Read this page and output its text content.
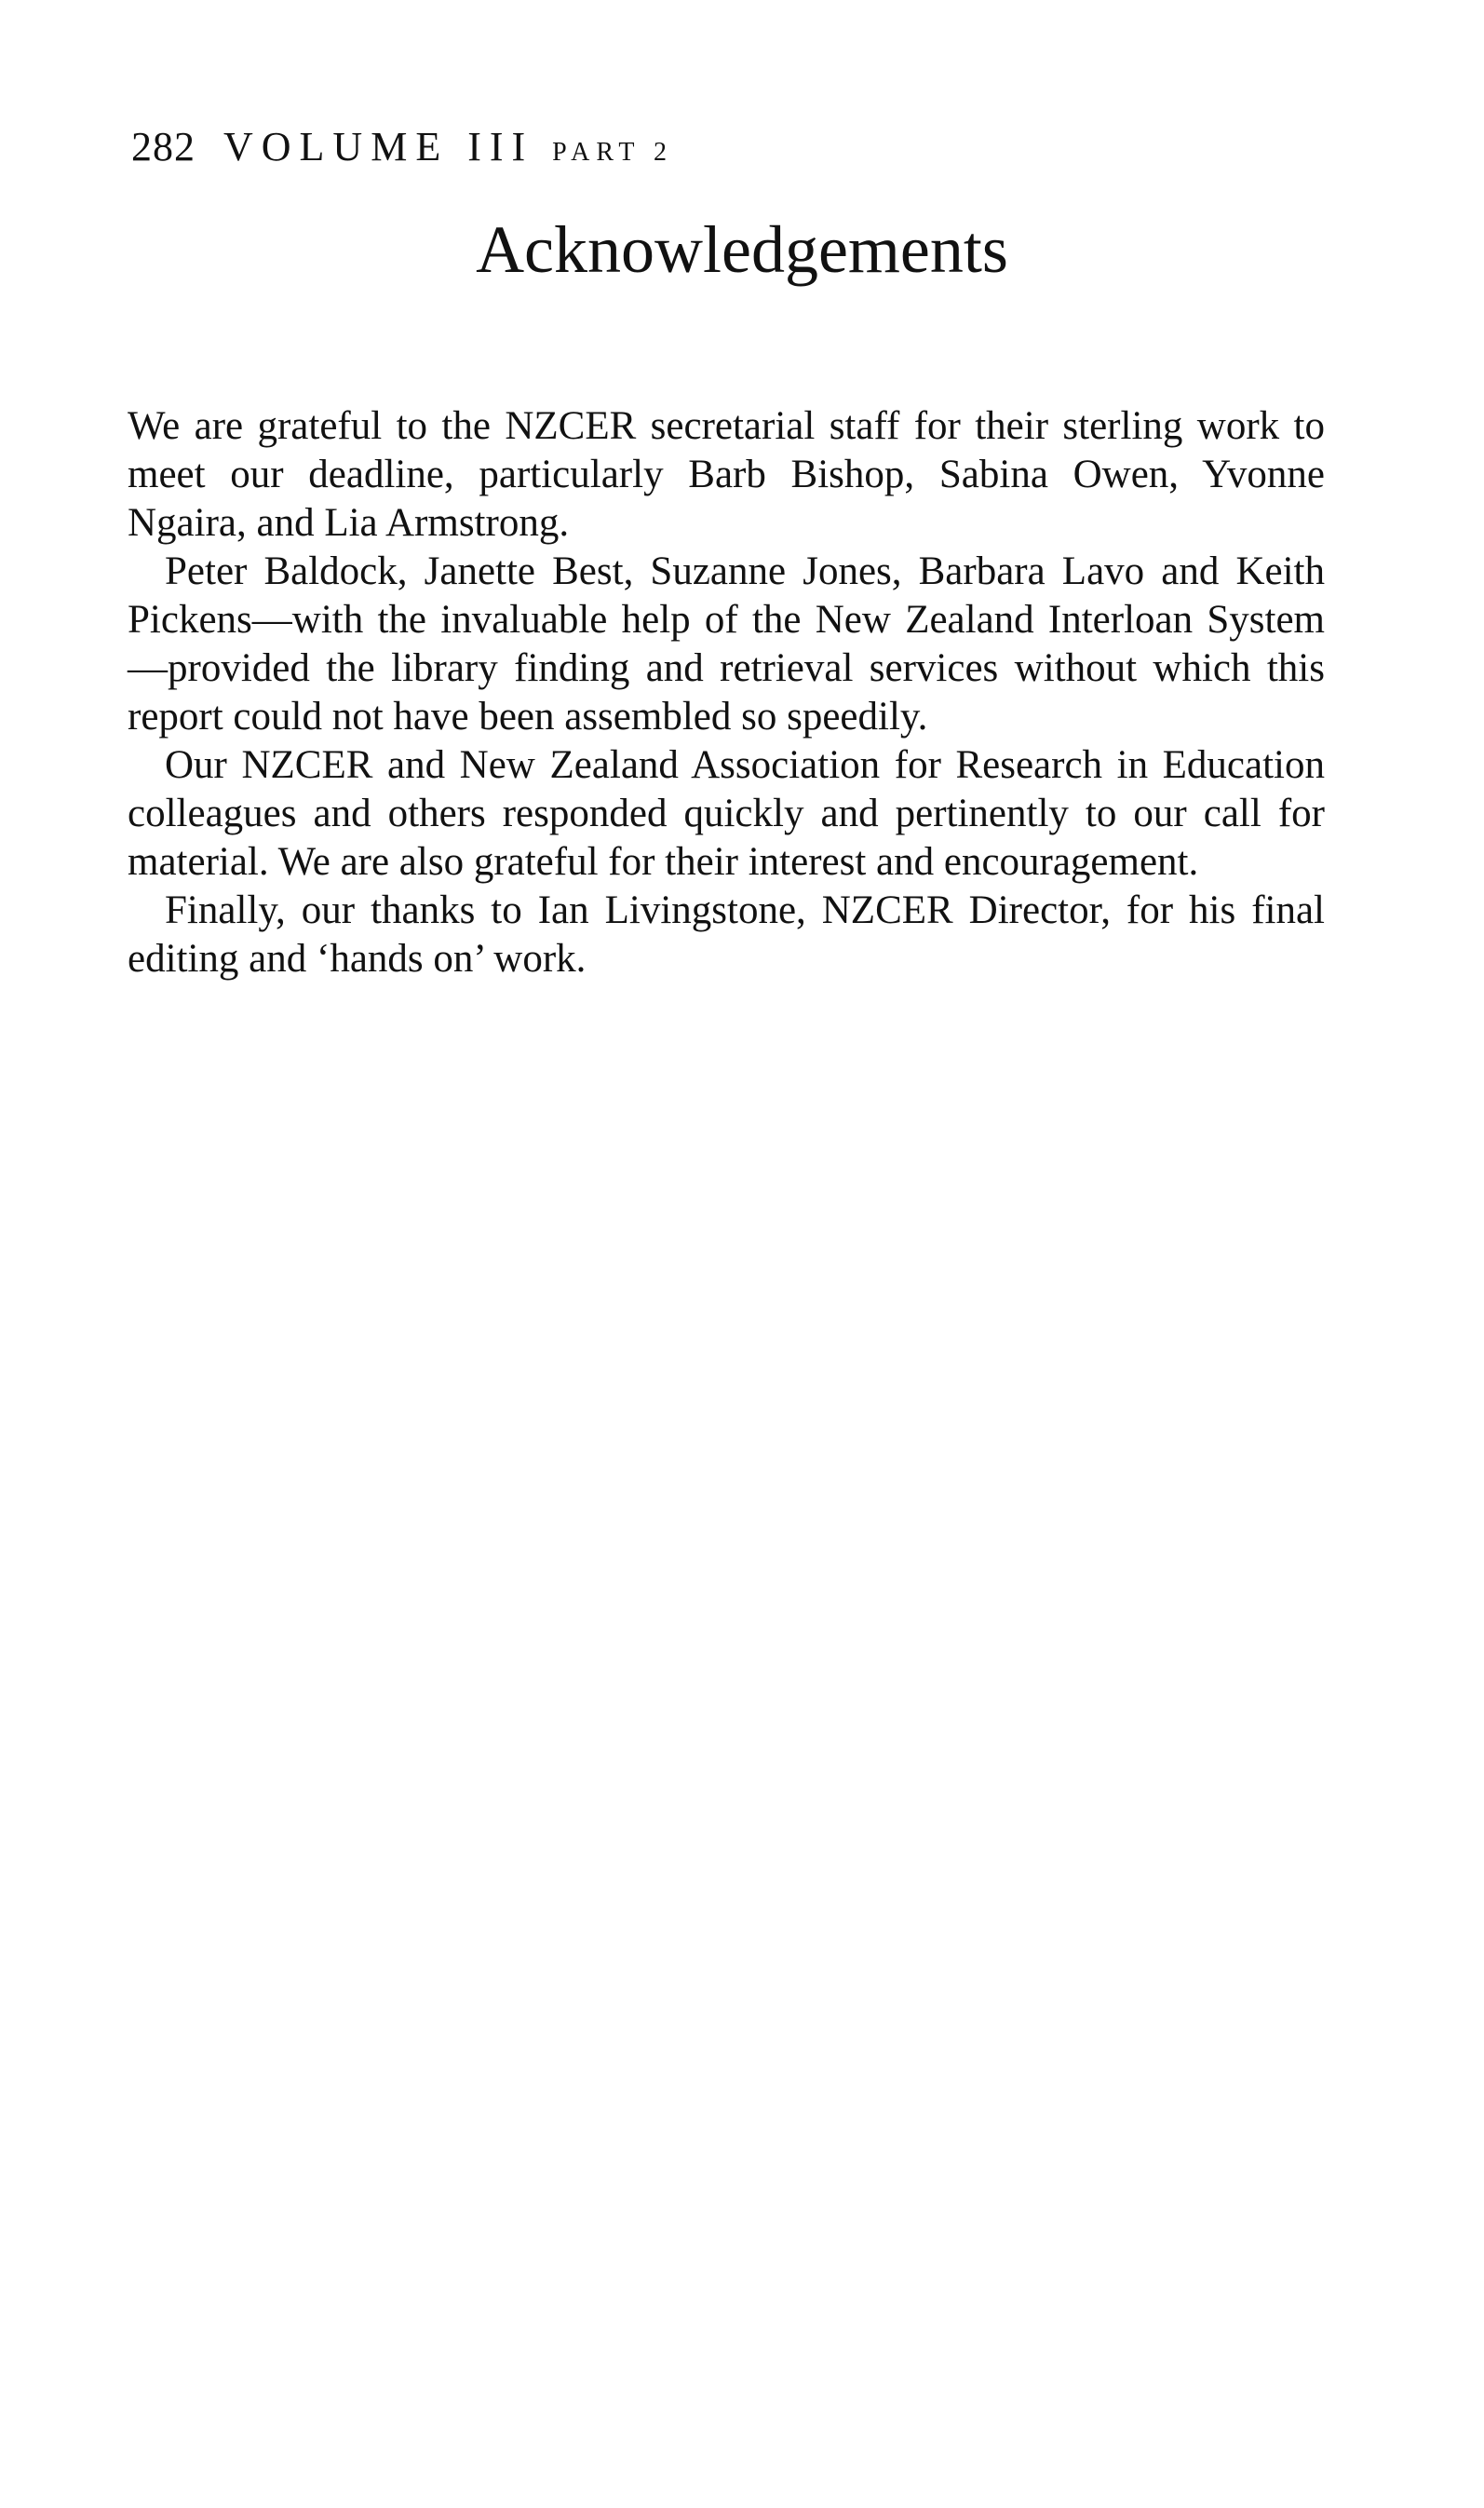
282 VOLUME III PART 2
Acknowledgements

We are grateful to the NZCER secretarial staff for their sterling work to meet our deadline, particularly Barb Bishop, Sabina Owen, Yvonne Ngaira, and Lia Armstrong.

Peter Baldock, Janette Best, Suzanne Jones, Barbara Lavo and Keith Pickens—with the invaluable help of the New Zealand Interloan System—provided the library finding and retrieval services without which this report could not have been assembled so speedily.

Our NZCER and New Zealand Association for Research in Education colleagues and others responded quickly and pertinently to our call for material. We are also grateful for their interest and encouragement.

Finally, our thanks to Ian Livingstone, NZCER Director, for his final editing and ‘hands on’ work.
